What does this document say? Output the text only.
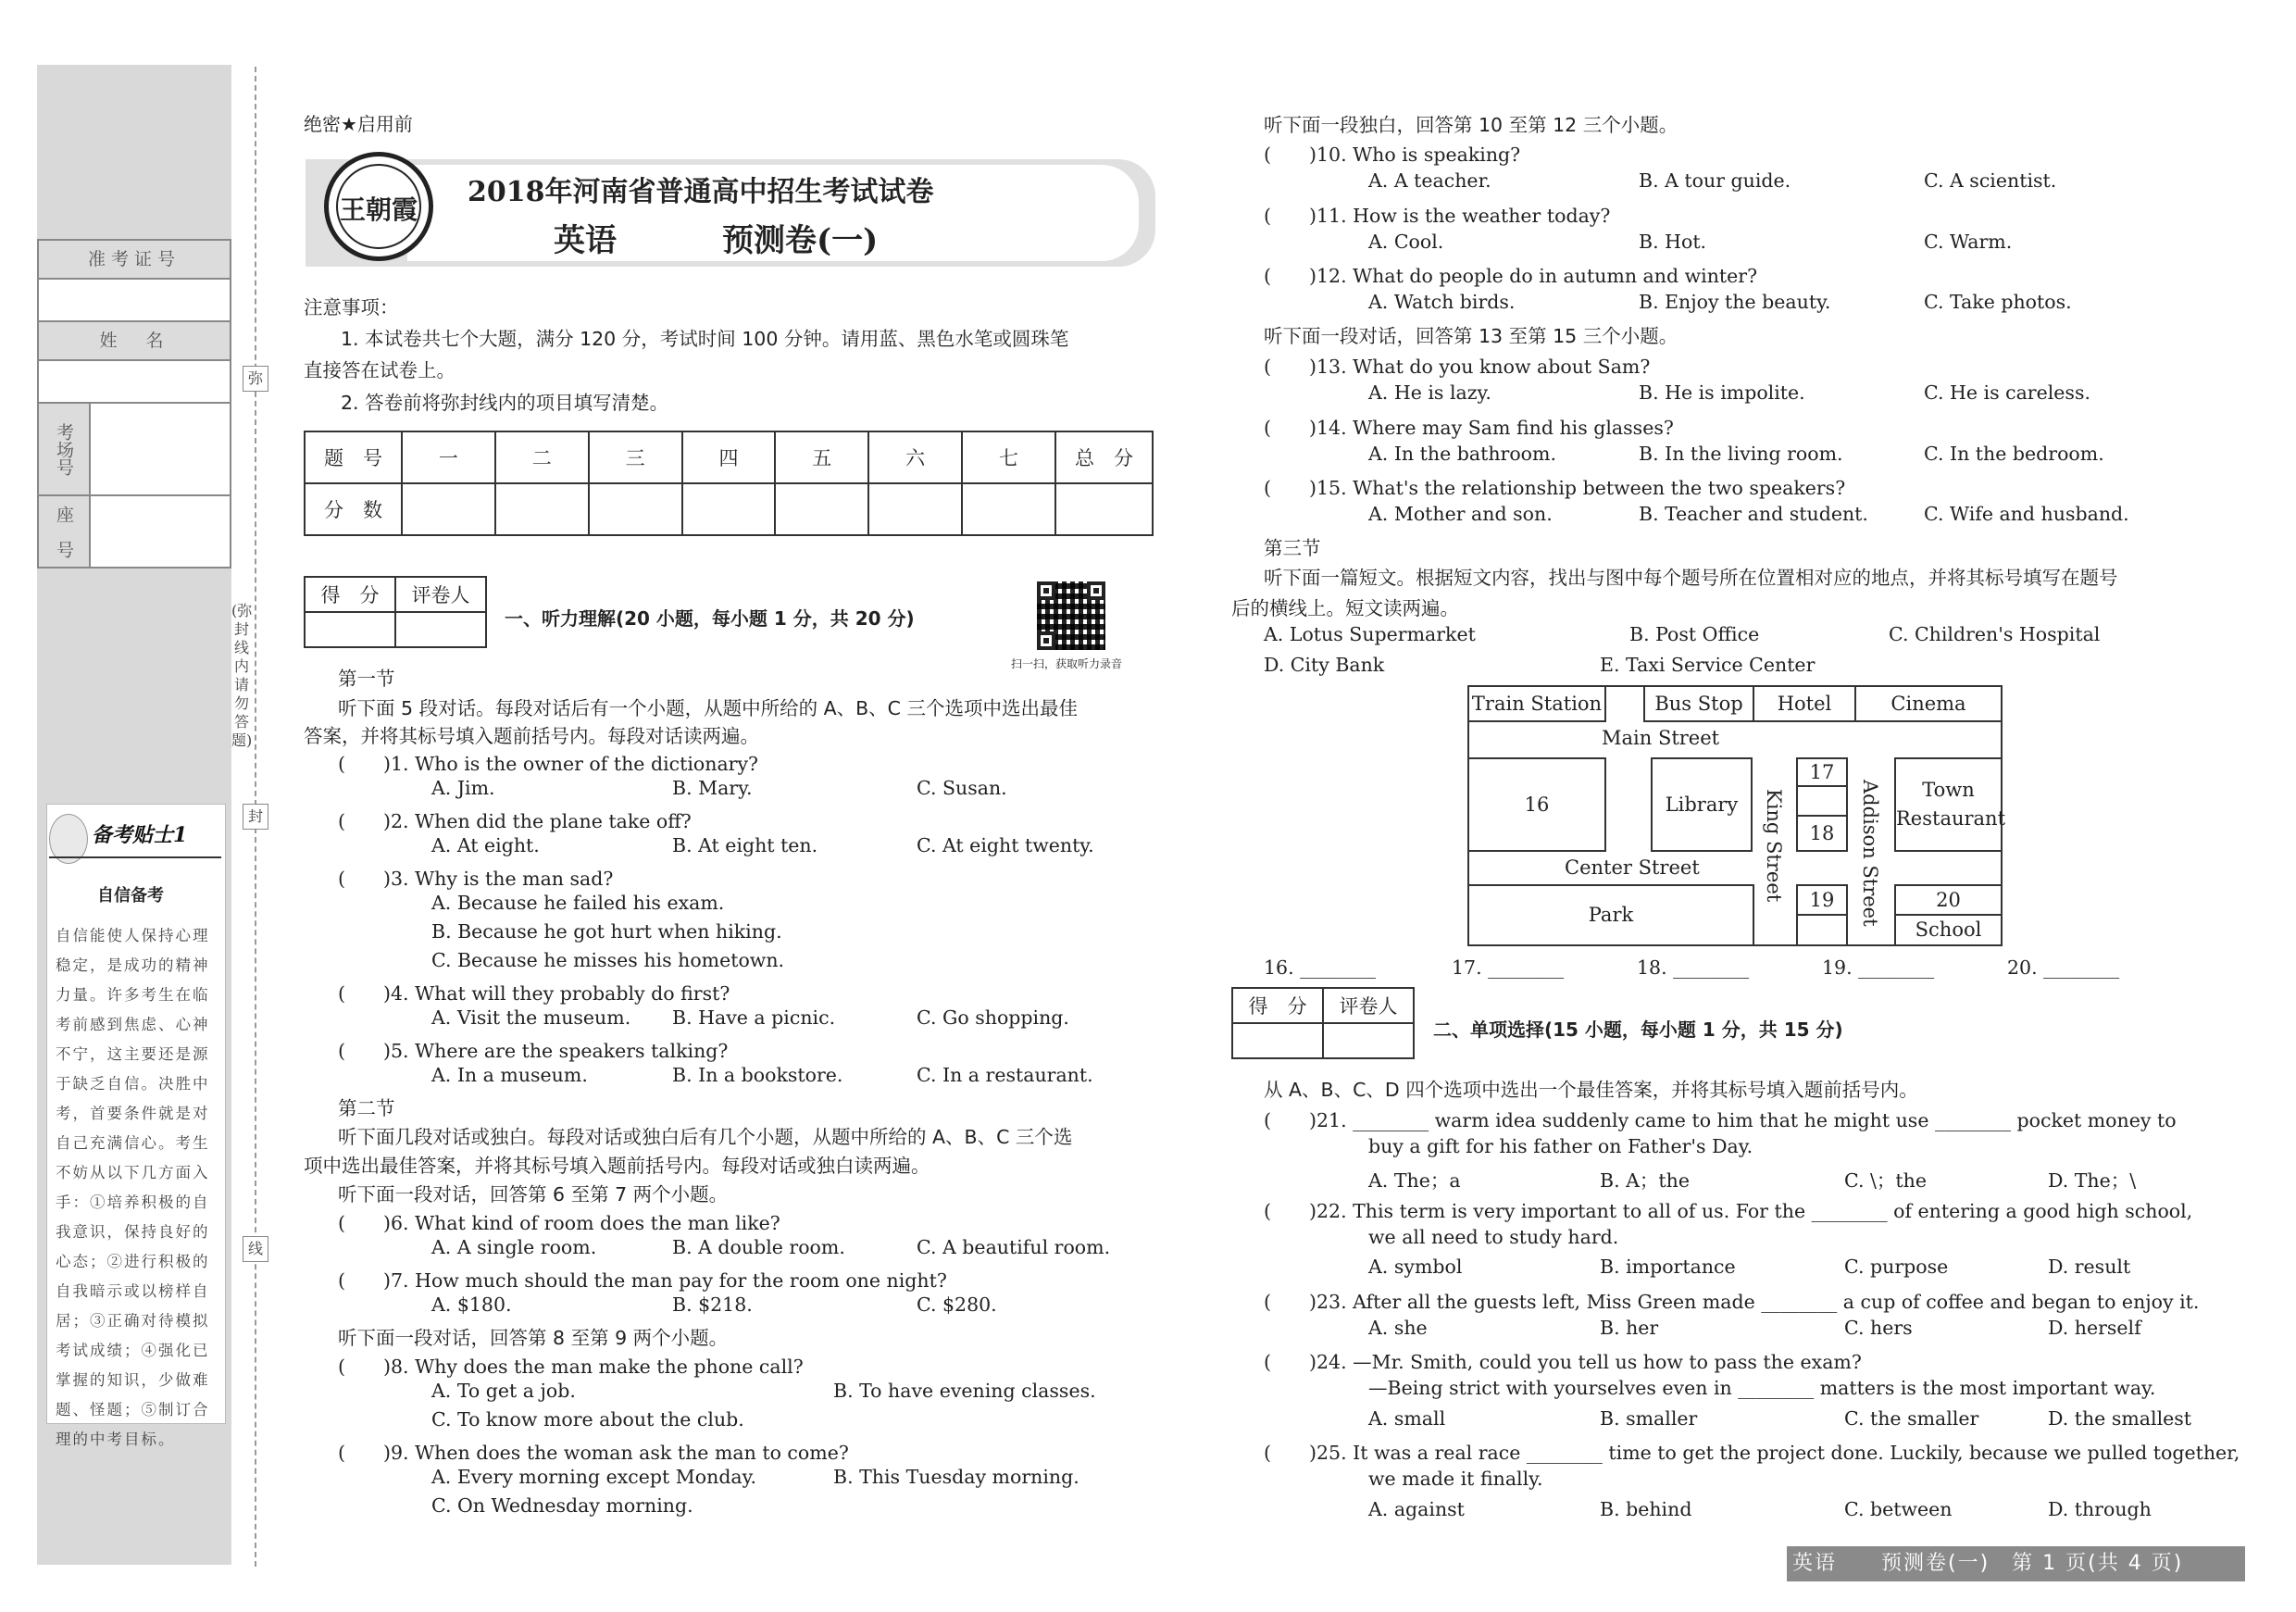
准考证号
姓　名
考场号
座　号
弥
封
线
(弥封线内请勿答题)
备考贴士1
自信备考
自信能使人保持心理稳定，是成功的精神力量。许多考生在临考前感到焦虑、心神不宁，这主要还是源于缺乏自信。决胜中考，首要条件就是对自己充满信心。考生不妨从以下几方面入手：①培养积极的自我意识，保持良好的心态；②进行积极的自我暗示或以榜样自居；③正确对待模拟考试成绩；④强化已掌握的知识，少做难题、怪题；⑤制订合理的中考目标。
绝密★启用前
王朝霞
2018年河南省普通高中招生考试试卷
英语	预测卷(一)
注意事项：
1. 本试卷共七个大题，满分 120 分，考试时间 100 分钟。请用蓝、黑色水笔或圆珠笔
直接答在试卷上。
2. 答卷前将弥封线内的项目填写清楚。
题　号	一	二	三	四	五	六	七	总　分
分　数								
得　分	评卷人

一、听力理解(20 小题，每小题 1 分，共 20 分)
扫一扫，获取听力录音
第一节
听下面 5 段对话。每段对话后有一个小题，从题中所给的 A、B、C 三个选项中选出最佳
答案，并将其标号填入题前括号内。每段对话读两遍。
(　　)1. Who is the owner of the dictionary?
A. Jim.	B. Mary.	C. Susan.
(　　)2. When did the plane take off?
A. At eight.	B. At eight ten.	C. At eight twenty.
(　　)3. Why is the man sad?
A. Because he failed his exam.
B. Because he got hurt when hiking.
C. Because he misses his hometown.
(　　)4. What will they probably do first?
A. Visit the museum. B. Have a picnic.	C. Go shopping.
(　　)5. Where are the speakers talking?
A. In a museum.	B. In a bookstore.	C. In a restaurant.
第二节
听下面几段对话或独白。每段对话或独白后有几个小题，从题中所给的 A、B、C 三个选
项中选出最佳答案，并将其标号填入题前括号内。每段对话或独白读两遍。
听下面一段对话，回答第 6 至第 7 两个小题。
(　　)6. What kind of room does the man like?
A. A single room.	B. A double room.	C. A beautiful room.
(　　)7. How much should the man pay for the room one night?
A. $180.	B. $218.	C. $280.
听下面一段对话，回答第 8 至第 9 两个小题。
(　　)8. Why does the man make the phone call?
A. To get a job.	B. To have evening classes.
C. To know more about the club.
(　　)9. When does the woman ask the man to come?
A. Every morning except Monday.	B. This Tuesday morning.
C. On Wednesday morning.
听下面一段独白，回答第 10 至第 12 三个小题。
(　　)10. Who is speaking?
A. A teacher.	B. A tour guide.	C. A scientist.
(　　)11. How is the weather today?
A. Cool.	B. Hot.	C. Warm.
(　　)12. What do people do in autumn and winter?
A. Watch birds.	B. Enjoy the beauty.	C. Take photos.
听下面一段对话，回答第 13 至第 15 三个小题。
(　　)13. What do you know about Sam?
A. He is lazy.	B. He is impolite.	C. He is careless.
(　　)14. Where may Sam find his glasses?
A. In the bathroom.	B. In the living room.	C. In the bedroom.
(　　)15. What's the relationship between the two speakers?
A. Mother and son.	B. Teacher and student.	C. Wife and husband.
第三节
听下面一篇短文。根据短文内容，找出与图中每个题号所在位置相对应的地点，并将其标号填写在题号
后的横线上。短文读两遍。
A. Lotus Supermarket	B. Post Office	C. Children's Hospital
D. City Bank	E. Taxi Service Center
Train Station	Bus Stop	Hotel	Cinema
Main Street
16	Library	King Street
17
18	Addison Street	Town Restaurant
Center Street
Park
19	20
School
16. ________	17. ________	18. ________	19. ________	20. ________
得　分	评卷人

二、单项选择(15 小题，每小题 1 分，共 15 分)
从 A、B、C、D 四个选项中选出一个最佳答案，并将其标号填入题前括号内。
(　　)21. ________ warm idea suddenly came to him that he might use ________ pocket money to
buy a gift for his father on Father's Day.
A. The；a	B. A；the	C. \；the	D. The；\
(　　)22. This term is very important to all of us. For the ________ of entering a good high school,
we all need to study hard.
A. symbol	B. importance	C. purpose	D. result
(　　)23. After all the guests left, Miss Green made ________ a cup of coffee and began to enjoy it.
A. she	B. her	C. hers	D. herself
(　　)24. —Mr. Smith, could you tell us how to pass the exam?
—Being strict with yourselves even in ________ matters is the most important way.
A. small	B. smaller	C. the smaller	D. the smallest
(　　)25. It was a real race ________ time to get the project done. Luckily, because we pulled together,
we made it finally.
A. against	B. behind	C. between	D. through
英语　　预测卷(一)　第 1 页(共 4 页)
